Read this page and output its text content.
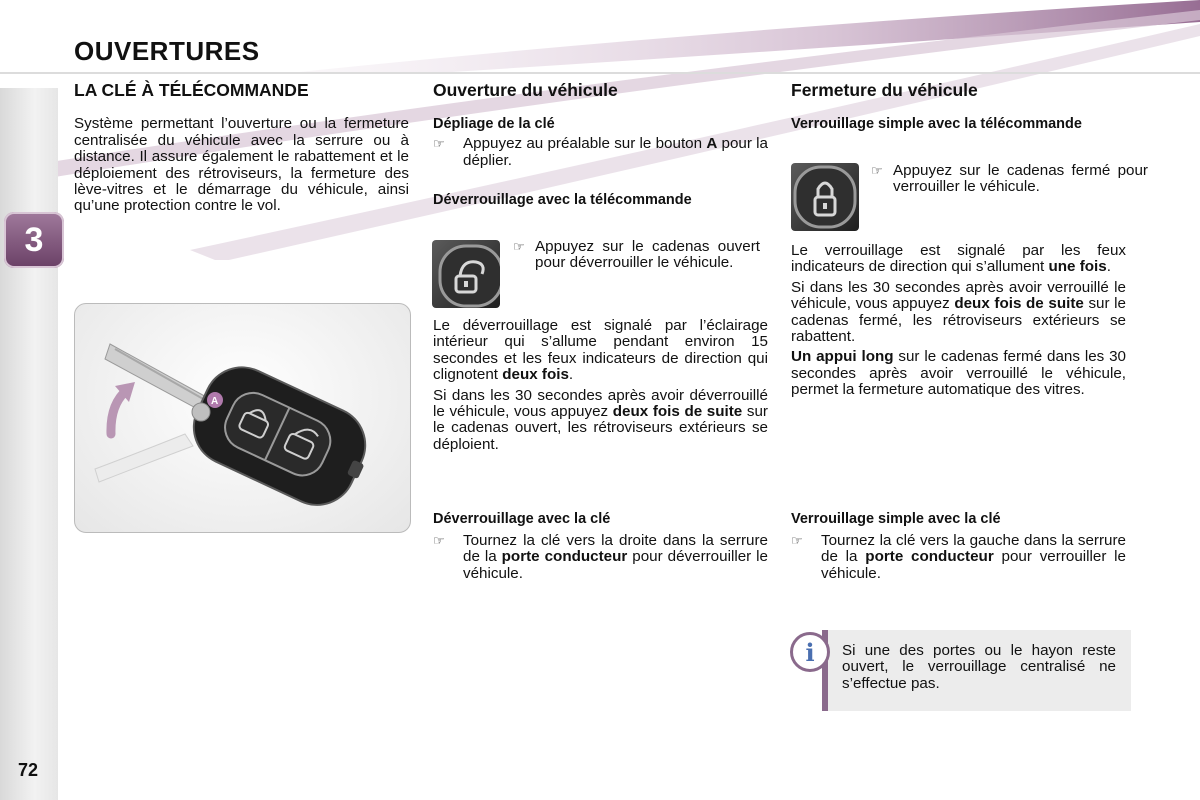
OUVERTURES
3
72
LA CLÉ À TÉLÉCOMMANDE

Système permettant l’ouverture ou la fermeture centralisée du véhicule avec la serrure ou à distance. Il assure également le rabattement et le déploiement des rétroviseurs, la fermeture des lève-vitres et le démarrage du véhicule, ainsi qu’une protection contre le vol.

A
Ouverture du véhicule
Dépliage de la clé

☞ Appuyez au préalable sur le bouton A pour la déplier.

Déverrouillage avec la télécommande

☞ Appuyez sur le cadenas ouvert pour déverrouiller le véhicule.

Le déverrouillage est signalé par l’éclairage intérieur qui s’allume pendant environ 15 secondes et les feux indicateurs de direction qui clignotent deux fois.

Si dans les 30 secondes après avoir déverrouillé le véhicule, vous appuyez deux fois de suite sur le cadenas ouvert, les rétroviseurs extérieurs se déploient.

Déverrouillage avec la clé

☞ Tournez la clé vers la droite dans la serrure de la porte conducteur pour déverrouiller le véhicule.

Fermeture du véhicule
Verrouillage simple avec la télécommande

☞ Appuyez sur le cadenas fermé pour verrouiller le véhicule.

Le verrouillage est signalé par les feux indicateurs de direction qui s’allument une fois.

Si dans les 30 secondes après avoir verrouillé le véhicule, vous appuyez deux fois de suite sur le cadenas fermé, les rétroviseurs extérieurs se rabattent.

Un appui long sur le cadenas fermé dans les 30 secondes après avoir verrouillé le véhicule, permet la fermeture automatique des vitres.

Verrouillage simple avec la clé

☞ Tournez la clé vers la gauche dans la serrure de la porte conducteur pour verrouiller le véhicule.

i	Si une des portes ou le hayon reste ouvert, le verrouillage centralisé ne s’effectue pas.
